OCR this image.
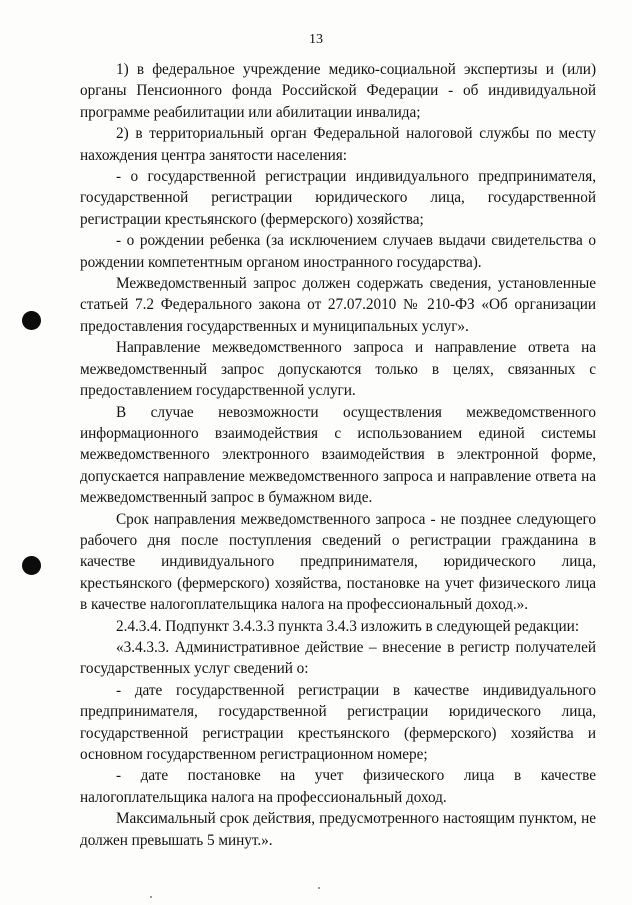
13

1) в федеральное учреждение медико-социальной экспертизы и (или) органы Пенсионного фонда Российской Федерации - об индивидуальной программе реабилитации или абилитации инвалида;

2) в территориальный орган Федеральной налоговой службы по месту нахождения центра занятости населения:

- о государственной регистрации индивидуального предпринимателя, государственной регистрации юридического лица, государственной регистрации крестьянского (фермерского) хозяйства;

- о рождении ребенка (за исключением случаев выдачи свидетельства о рождении компетентным органом иностранного государства).

Межведомственный запрос должен содержать сведения, установленные статьей 7.2 Федерального закона от 27.07.2010 № 210-ФЗ «Об организации предоставления государственных и муниципальных услуг».

Направление межведомственного запроса и направление ответа на межведомственный запрос допускаются только в целях, связанных с предоставлением государственной услуги.

В случае невозможности осуществления межведомственного информационного взаимодействия с использованием единой системы межведомственного электронного взаимодействия в электронной форме, допускается направление межведомственного запроса и направление ответа на межведомственный запрос в бумажном виде.

Срок направления межведомственного запроса - не позднее следующего рабочего дня после поступления сведений о регистрации гражданина в качестве индивидуального предпринимателя, юридического лица, крестьянского (фермерского) хозяйства, постановке на учет физического лица в качестве налогоплательщика налога на профессиональный доход.».

2.4.3.4. Подпункт 3.4.3.3 пункта 3.4.3 изложить в следующей редакции:

«3.4.3.3. Административное действие – внесение в регистр получателей государственных услуг сведений о:

- дате государственной регистрации в качестве индивидуального предпринимателя, государственной регистрации юридического лица, государственной регистрации крестьянского (фермерского) хозяйства и основном государственном регистрационном номере;

- дате постановке на учет физического лица в качестве налогоплательщика налога на профессиональный доход.

Максимальный срок действия, предусмотренного настоящим пунктом, не должен превышать 5 минут.».
